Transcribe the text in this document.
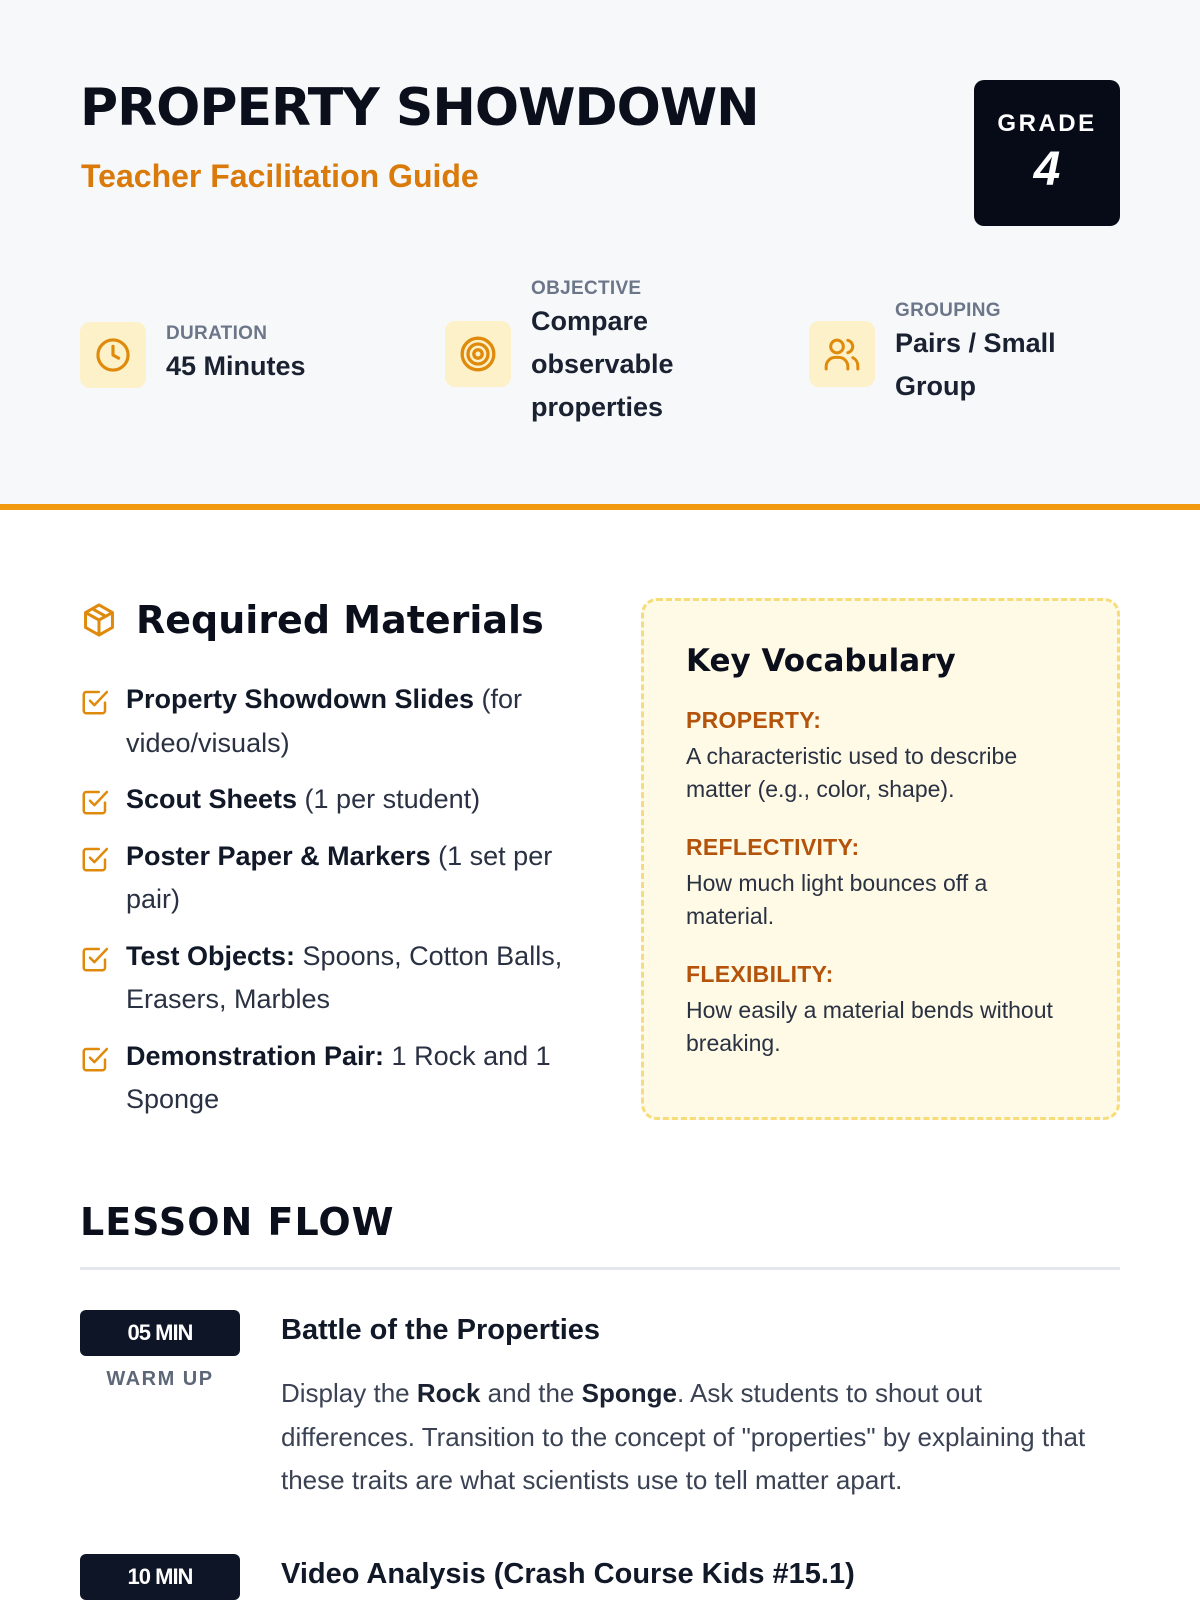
PROPERTY SHOWDOWN
Teacher Facilitation Guide
GRADE
4
DURATION
45 Minutes
OBJECTIVE
Compare
observable
properties
GROUPING
Pairs / Small
Group
Required Materials
Property Showdown Slides (for video/visuals)
Scout Sheets (1 per student)
Poster Paper & Markers (1 set per pair)
Test Objects: Spoons, Cotton Balls, Erasers, Marbles
Demonstration Pair: 1 Rock and 1 Sponge
Key Vocabulary
PROPERTY:
A characteristic used to describe matter (e.g., color, shape).
REFLECTIVITY:
How much light bounces off a material.
FLEXIBILITY:
How easily a material bends without breaking.
LESSON FLOW
05 MIN
WARM UP
Battle of the Properties
Display the Rock and the Sponge. Ask students to shout out differences. Transition to the concept of "properties" by explaining that these traits are what scientists use to tell matter apart.
10 MIN	Video Analysis (Crash Course Kids #15.1)
